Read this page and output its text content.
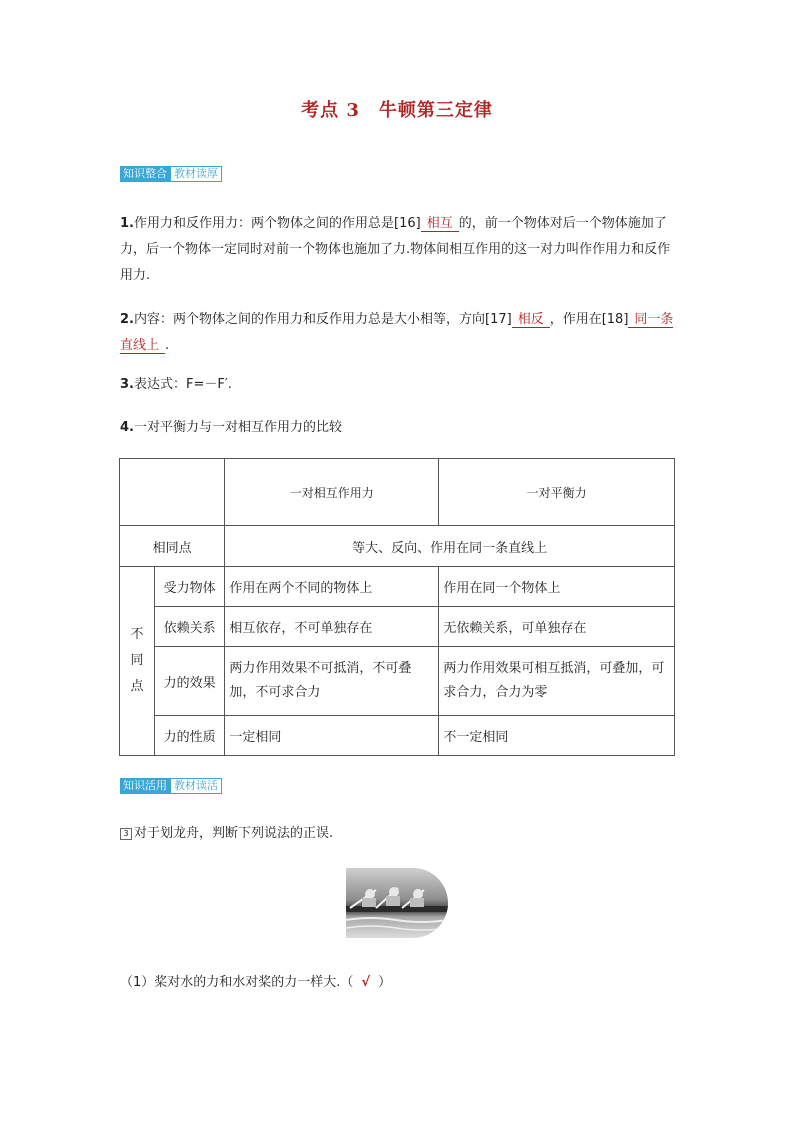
考点 3　牛顿第三定律
知识整合 教材读厚
1.作用力和反作用力：两个物体之间的作用总是[16] 相互 的，前一个物体对后一个物体施加了力，后一个物体一定同时对前一个物体也施加了力.物体间相互作用的这一对力叫作作用力和反作用力.
2.内容：两个物体之间的作用力和反作用力总是大小相等，方向[17] 相反 ，作用在[18] 同一条直线上 .
3.表达式：F=－F′.
4.一对平衡力与一对相互作用力的比较
		一对相互作用力	一对平衡力
相同点		等大、反向、作用在同一条直线上	

不
同
点	受力物体	作用在两个不同的物体上	作用在同一个物体上
	依赖关系	相互依存，不可单独存在	无依赖关系，可单独存在
	力的效果	两力作用效果不可抵消，不可叠加，不可求合力	两力作用效果可相互抵消，可叠加，可求合力，合力为零
	力的性质	一定相同	不一定相同
知识活用 教材读活
3 对于划龙舟，判断下列说法的正误.
（1）桨对水的力和水对桨的力一样大.（ √ ）
